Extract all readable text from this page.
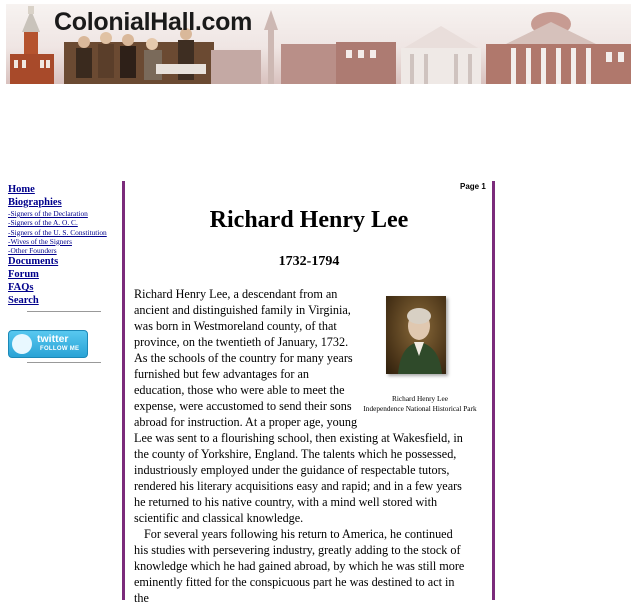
ColonialHall.com
Home
Biographies
-Signers of the Declaration
-Signers of the A. O. C.
-Signers of the U. S. Constitution
-Wives of the Signers
-Other Founders
Documents
Forum
FAQs
Search
twitter
FOLLOW ME
Page 1
Richard Henry Lee
1732-1794
Richard Henry Lee
Independence National Historical Park

Richard Henry Lee, a descendant from an ancient and distinguished family in Virginia, was born in Westmoreland county, of that province, on the twentieth of January, 1732. As the schools of the country for many years furnished but few advantages for an education, those who were able to meet the expense, were accustomed to send their sons abroad for instruction. At a proper age, young Lee was sent to a flourishing school, then existing at Wakesfield, in the county of Yorkshire, England. The talents which he possessed, industriously employed under the guidance of respectable tutors, rendered his literary acquisitions easy and rapid; and in a few years he returned to his native country, with a mind well stored with scientific and classical knowledge.

For several years following his return to America, he continued his studies with persevering industry, greatly adding to the stock of knowledge which he had gained abroad, by which he was still more eminently fitted for the conspicuous part he was destined to act in the
